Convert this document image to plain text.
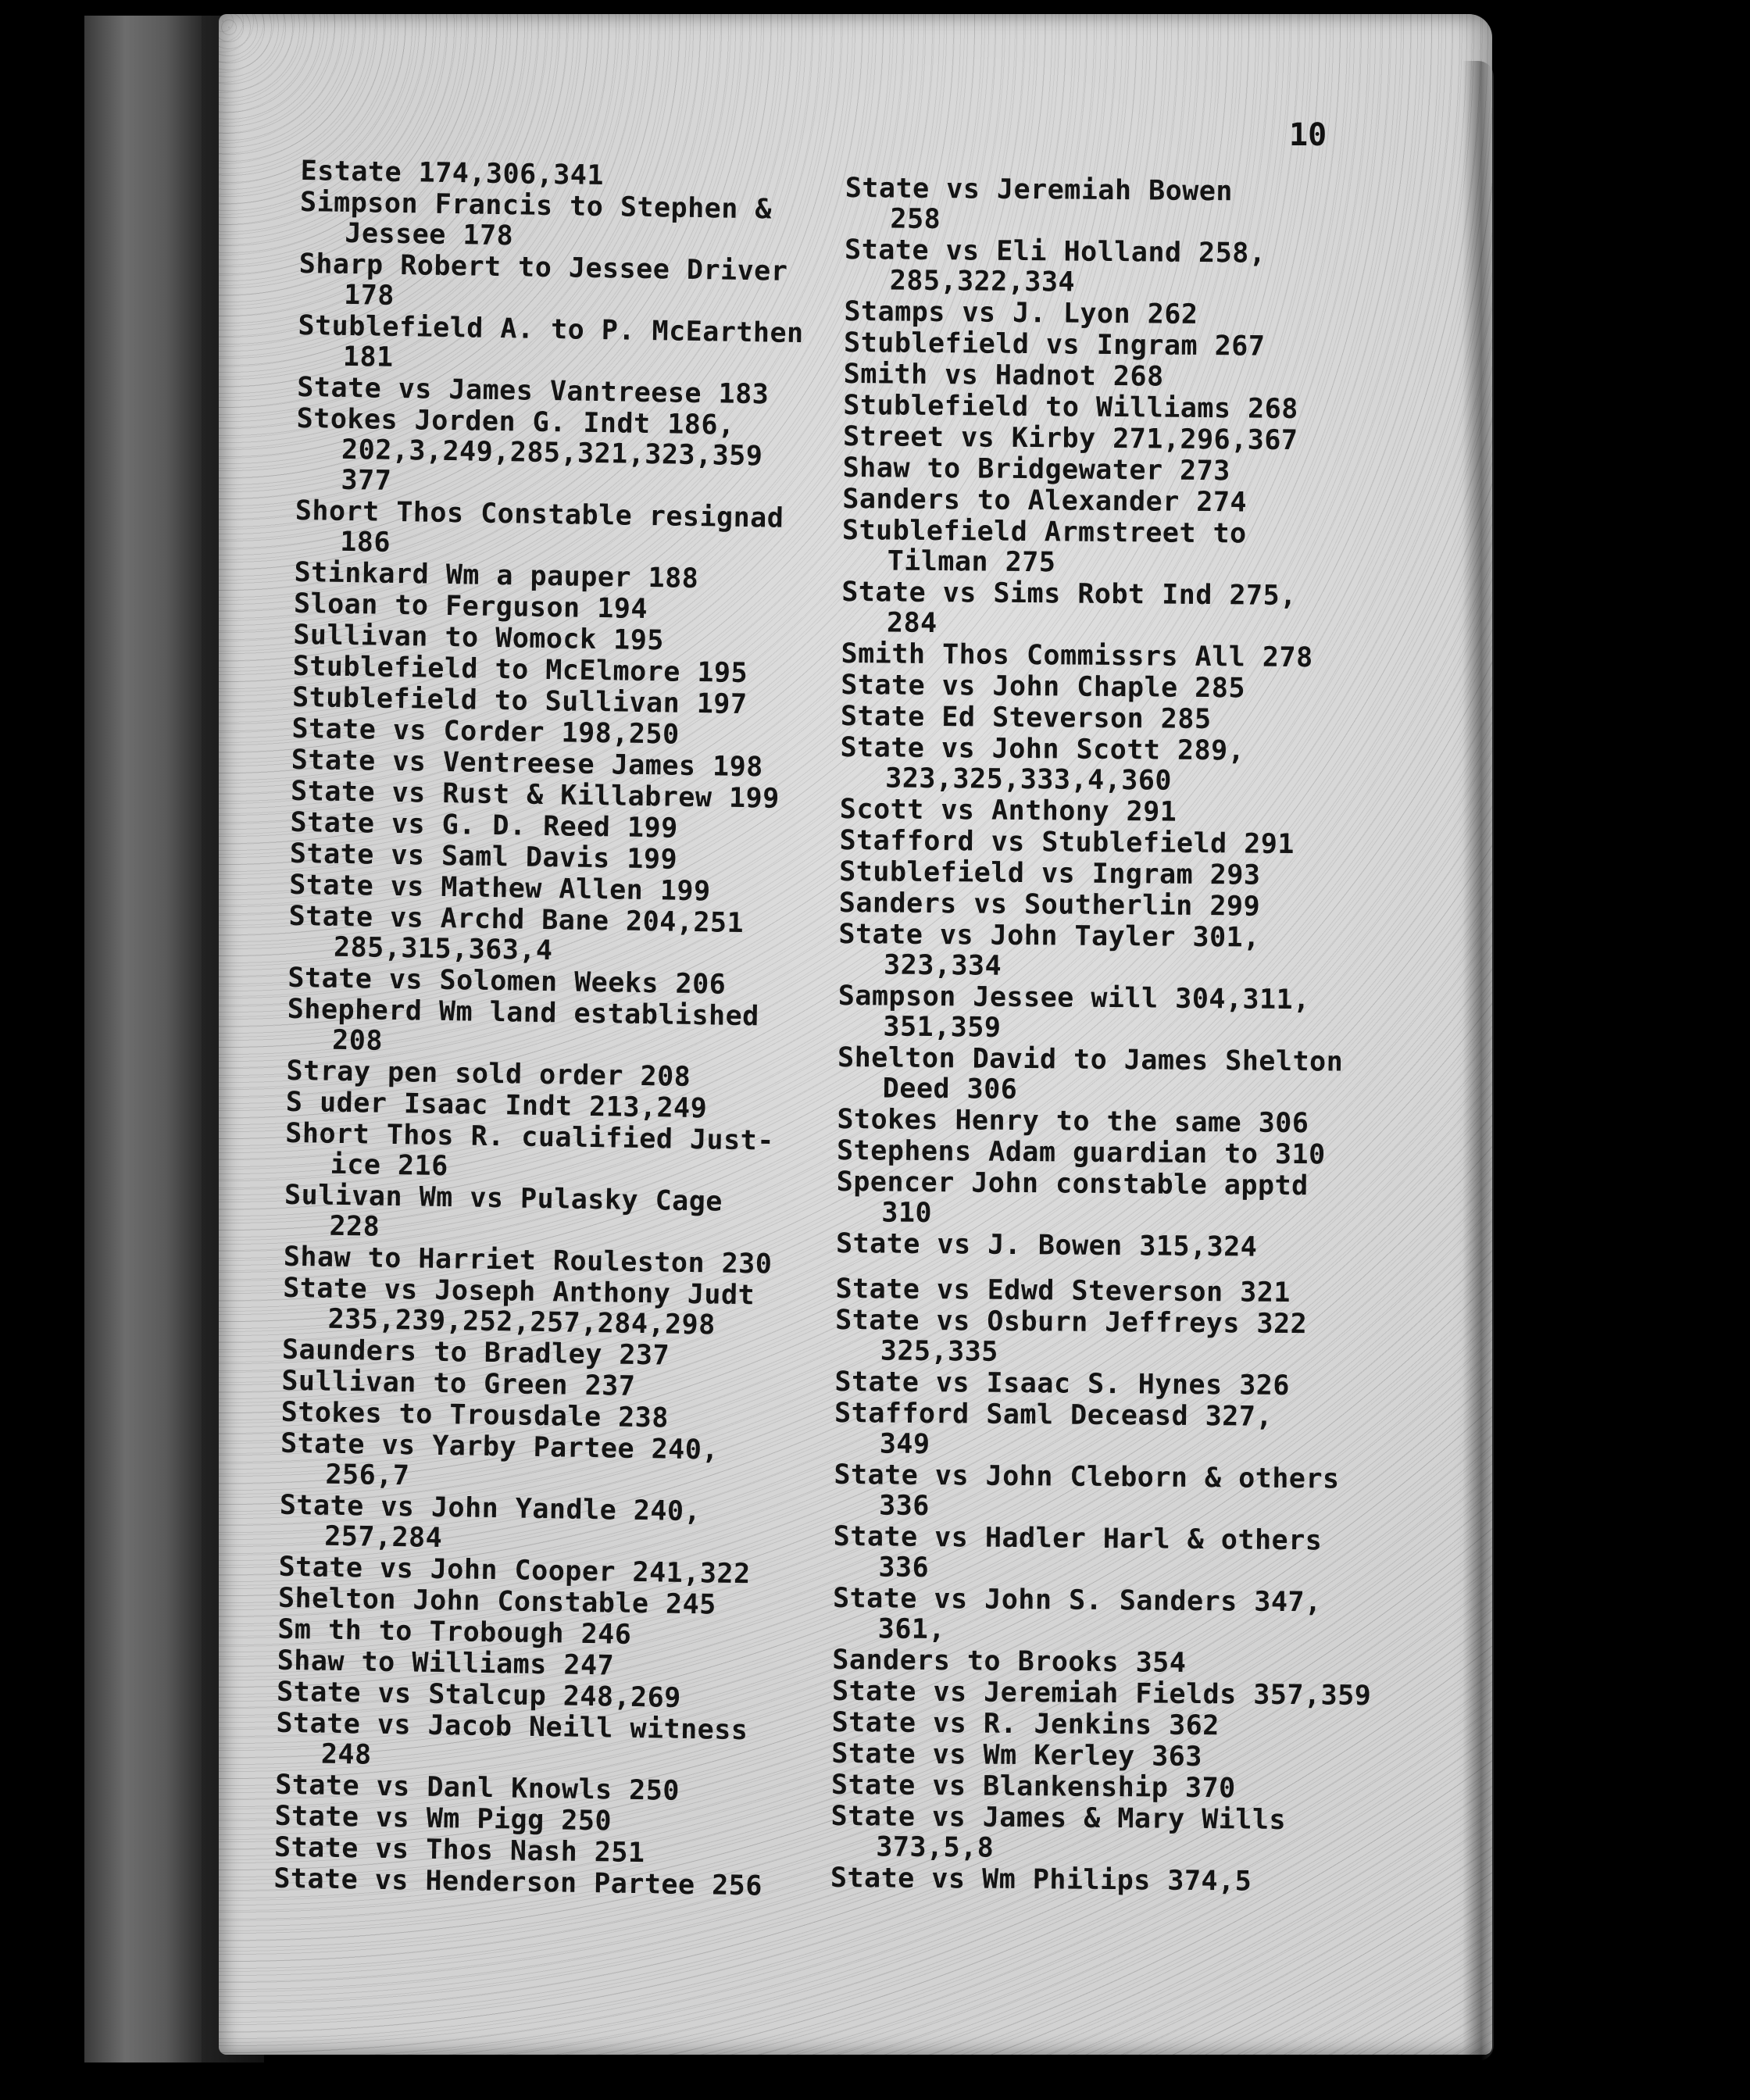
10
Estate 174,306,341
Simpson Francis to Stephen &
Jessee 178
Sharp Robert to Jessee Driver
178
Stublefield A. to P. McEarthen
181
State vs James Vantreese 183
Stokes Jorden G. Indt 186,
202,3,249,285,321,323,359
377
Short Thos Constable resignad
186
Stinkard Wm a pauper 188
Sloan to Ferguson 194
Sullivan to Womock 195
Stublefield to McElmore 195
Stublefield to Sullivan 197
State vs Corder 198,250
State vs Ventreese James 198
State vs Rust & Killabrew 199
State vs G. D. Reed 199
State vs Saml Davis 199
State vs Mathew Allen 199
State vs Archd Bane 204,251
285,315,363,4
State vs Solomen Weeks 206
Shepherd Wm land established
208
Stray pen sold order 208
S uder Isaac Indt 213,249
Short Thos R. cualified Just-
ice 216
Sulivan Wm vs Pulasky Cage
228
Shaw to Harriet Rouleston 230
State vs Joseph Anthony Judt
235,239,252,257,284,298
Saunders to Bradley 237
Sullivan to Green 237
Stokes to Trousdale 238
State vs Yarby Partee 240,
256,7
State vs John Yandle 240,
257,284
State vs John Cooper 241,322
Shelton John Constable 245
Sm th to Trobough 246
Shaw to Williams 247
State vs Stalcup 248,269
State vs Jacob Neill witness
248
State vs Danl Knowls 250
State vs Wm Pigg 250
State vs Thos Nash 251
State vs Henderson Partee 256
State vs Jeremiah Bowen
258
State vs Eli Holland 258,
285,322,334
Stamps vs J. Lyon 262
Stublefield vs Ingram 267
Smith vs Hadnot 268
Stublefield to Williams 268
Street vs Kirby 271,296,367
Shaw to Bridgewater 273
Sanders to Alexander 274
Stublefield Armstreet to
Tilman 275
State vs Sims Robt Ind 275,
284
Smith Thos Commissrs All 278
State vs John Chaple 285
State Ed Steverson 285
State vs John Scott 289,
323,325,333,4,360
Scott vs Anthony 291
Stafford vs Stublefield 291
Stublefield vs Ingram 293
Sanders vs Southerlin 299
State vs John Tayler 301,
323,334
Sampson Jessee will 304,311,
351,359
Shelton David to James Shelton
Deed 306
Stokes Henry to the same 306
Stephens Adam guardian to 310
Spencer John constable apptd
310
State vs J. Bowen 315,324
State vs Edwd Steverson 321
State vs Osburn Jeffreys 322
325,335
State vs Isaac S. Hynes 326
Stafford Saml Deceasd 327,
349
State vs John Cleborn & others
336
State vs Hadler Harl & others
336
State vs John S. Sanders 347,
361,
Sanders to Brooks 354
State vs Jeremiah Fields 357,359
State vs R. Jenkins 362
State vs Wm Kerley 363
State vs Blankenship 370
State vs James & Mary Wills
373,5,8
State vs Wm Philips 374,5
